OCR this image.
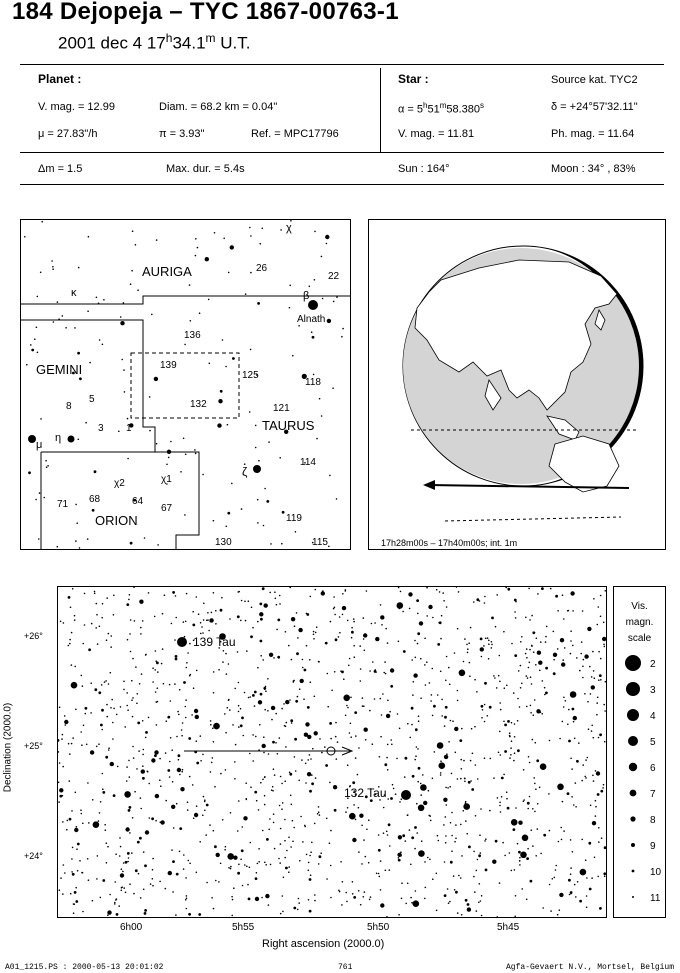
184 Dejopeja – TYC 1867-00763-1
2001 dec 4 17$^h$34.1$^m$ U.T.
Planet :
V. mag. = 12.99	Diam. = 68.2 km = 0.04"
μ = 27.83"/h	π = 3.93"	Ref. = MPC17796
Δm = 1.5	Max. dur. = 5.4s
Star :	Source kat. TYC2
$\alpha = 5^h51^m58.380^s$	δ = +24°57'32.11"
V. mag. = 11.81	Ph. mag. = 11.64
Sun : 164°	Moon : 34° , 83%
AURIGA
GEMINI
TAURUS
ORION
Alnath
χ
κ	β
η
μ
ζ
χ2	χ1
26
22
136
139
125
118
132	121
8
5
3 1
114
71 68	64
67
119
130	115	17h28m00s – 17h40m00s; int. 1m
139 Tau
132 Tau
Declination (2000.0)
+26°
+25°
+24°
6h00	5h55	5h50	5h45
Right ascension (2000.0)
Vis.
magn.
scale
2
3
4
5
6
7
8
9
10
11
A01_1215.PS : 2000-05-13 20:01:02	761	Agfa-Gevaert N.V., Mortsel, Belgium
